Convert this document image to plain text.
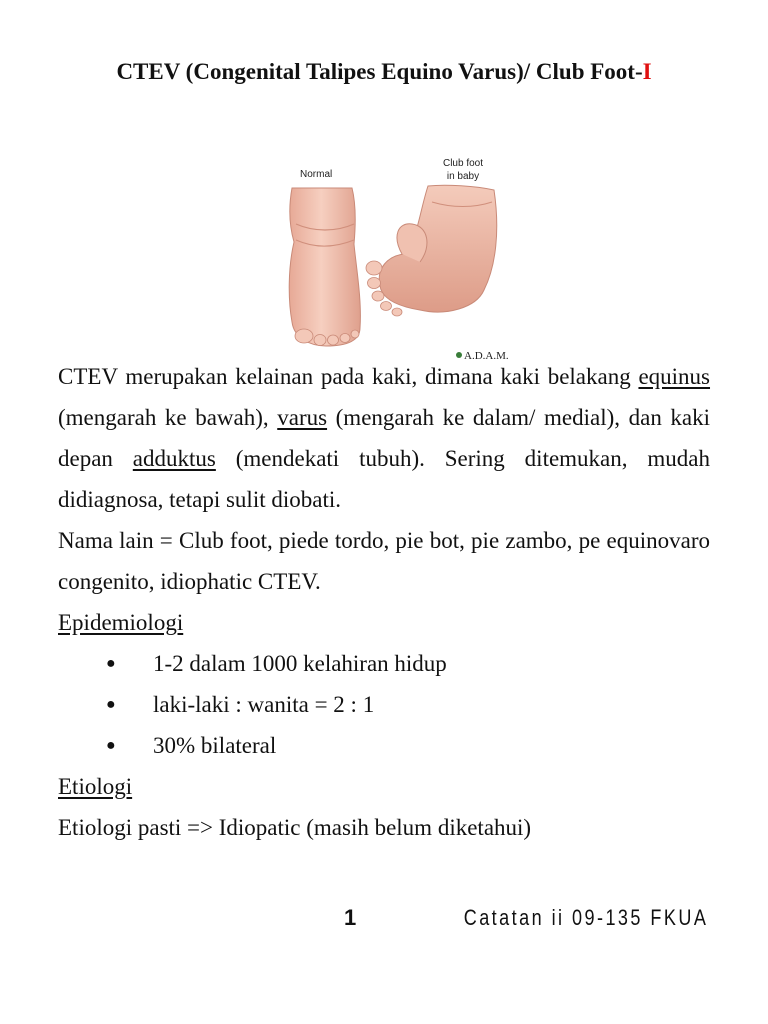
CTEV (Congenital Talipes Equino Varus)/ Club Foot-I
Normal
Club foot
in baby
A.D.A.M.

CTEV merupakan kelainan pada kaki, dimana kaki belakang equinus (mengarah ke bawah), varus (mengarah ke dalam/ medial), dan kaki depan adduktus (mendekati tubuh). Sering ditemukan, mudah didiagnosa, tetapi sulit diobati.

Nama lain = Club foot, piede tordo, pie bot, pie zambo, pe equinovaro congenito, idiophatic CTEV.

Epidemiologi

● 1-2 dalam 1000 kelahiran hidup
● laki-laki : wanita = 2 : 1
● 30% bilateral

Etiologi

Etiologi pasti => Idiopatic (masih belum diketahui)

1	Catatan ii 09-135 FKUA
